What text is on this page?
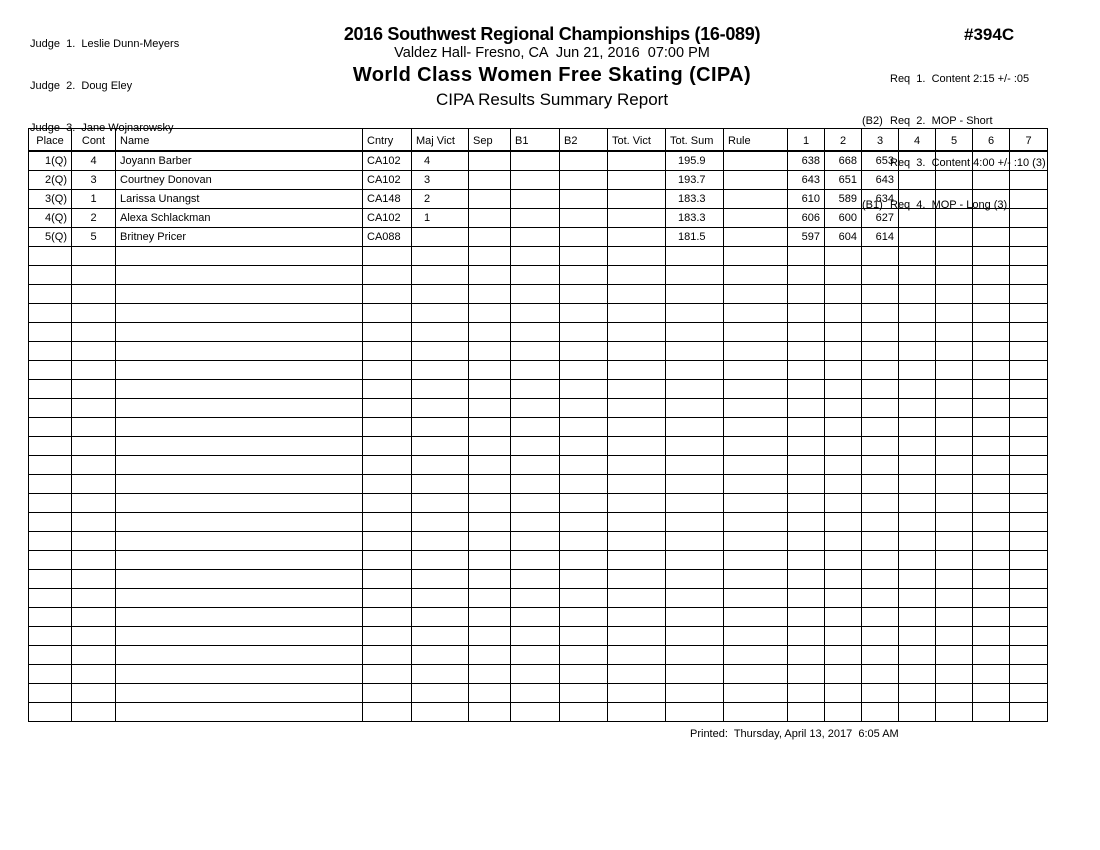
Judge  1.  Leslie Dunn-Meyers

Judge  2.  Doug Eley

Judge  3.  Jane Wojnarowsky

2016 Southwest Regional Championships (16-089)
Valdez Hall- Fresno, CA  Jun 21, 2016  07:00 PM
World Class Women Free Skating (CIPA)
CIPA Results Summary Report
#394C

Req  1.  Content 2:15 +/- :05

(B2) Req  2.  MOP - Short

Req  3.  Content 4:00 +/- :10 (3)

(B1) Req  4.  MOP - Long (3)

Place	Cont	Name	Cntry	Maj Vict	Sep	B1	B2	Tot. Vict	Tot. Sum	Rule	1	2	3	4	5	6	7
1(Q)	4	Joyann Barber	CA102	4					195.9		638	668	653				
2(Q)	3	Courtney Donovan	CA102	3					193.7		643	651	643				
3(Q)	1	Larissa Unangst	CA148	2					183.3		610	589	634				
4(Q)	2	Alexa Schlackman	CA102	1					183.3		606	600	627				
5(Q)	5	Britney Pricer	CA088						181.5		597	604	614				

Printed:  Thursday, April 13, 2017  6:05 AM
